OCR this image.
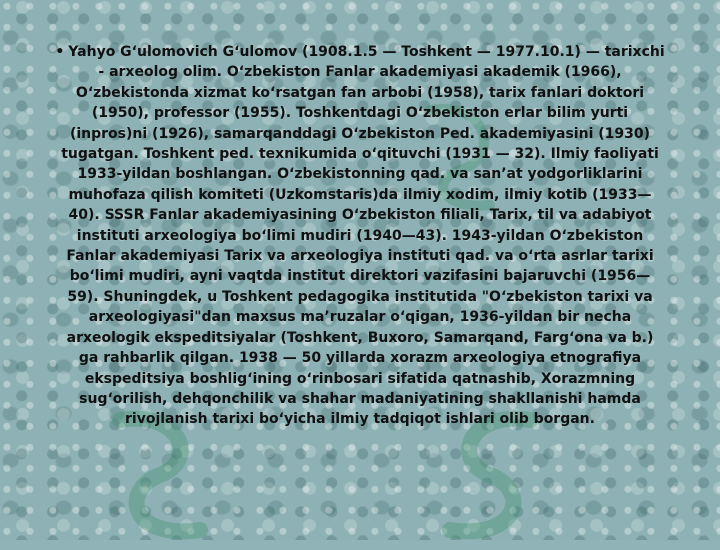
• Yahyo G‘ulomovich G‘ulomov (1908.1.5 — Toshkent — 1977.10.1) — tarixchi - arxeolog olim. O‘zbekiston Fanlar akademiyasi akademik (1966), O‘zbekistonda xizmat ko‘rsatgan fan arbobi (1958), tarix fanlari doktori (1950), professor (1955). Toshkentdagi O‘zbekiston erlar bilim yurti (inpros)ni (1926), samarqanddagi O‘zbekiston Ped. akademiyasini (1930) tugatgan. Toshkent ped. texnikumida o‘qituvchi (1931 — 32). Ilmiy faoliyati 1933-yildan boshlangan. O‘zbekistonning qad. va san’at yodgorliklarini muhofaza qilish komiteti (Uzkomstaris)da ilmiy xodim, ilmiy kotib (1933— 40). SSSR Fanlar akademiyasining O‘zbekiston filiali, Tarix, til va adabiyot instituti arxeologiya bo‘limi mudiri (1940—43). 1943-yildan O‘zbekiston Fanlar akademiyasi Tarix va arxeologiya instituti qad. va o‘rta asrlar tarixi bo‘limi mudiri, ayni vaqtda institut direktori vazifasini bajaruvchi (1956— 59). Shuningdek, u Toshkent pedagogika institutida "O‘zbekiston tarixi va arxeologiyasi"dan maxsus ma’ruzalar o‘qigan, 1936-yildan bir necha arxeologik ekspeditsiyalar (Toshkent, Buxoro, Samarqand, Farg‘ona va b.) ga rahbarlik qilgan. 1938 — 50 yillarda xorazm arxeologiya etnografiya ekspeditsiya boshlig‘ining o‘rinbosari sifatida qatnashib, Xorazmning sug‘orilish, dehqonchilik va shahar madaniyatining shakllanishi hamda rivojlanish tarixi bo‘yicha ilmiy tadqiqot ishlari olib borgan.
